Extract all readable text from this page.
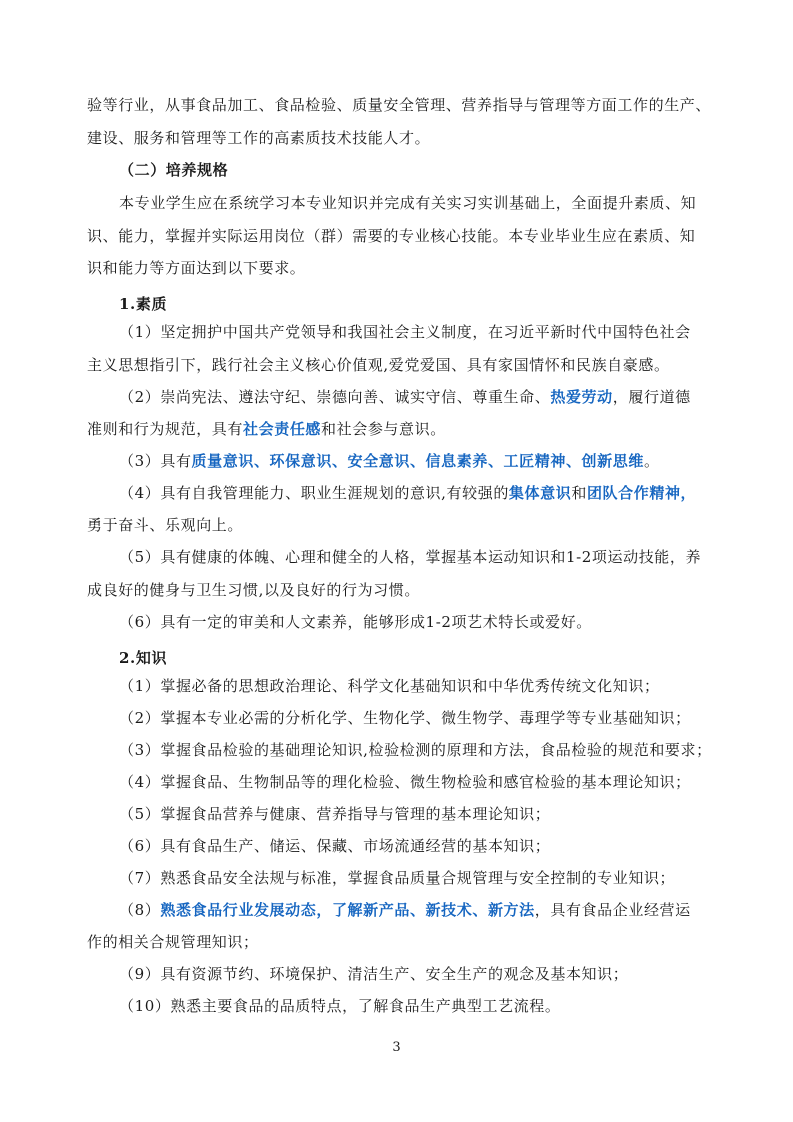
验等行业，从事食品加工、食品检验、质量安全管理、营养指导与管理等方面工作的生产、
建设、服务和管理等工作的高素质技术技能人才。
（二）培养规格
本专业学生应在系统学习本专业知识并完成有关实习实训基础上，全面提升素质、知
识、能力，掌握并实际运用岗位（群）需要的专业核心技能。本专业毕业生应在素质、知
识和能力等方面达到以下要求。
1.素质
（1）坚定拥护中国共产党领导和我国社会主义制度，在习近平新时代中国特色社会
主义思想指引下，践行社会主义核心价值观,爱党爱国、具有家国情怀和民族自豪感。
（2）崇尚宪法、遵法守纪、崇德向善、诚实守信、尊重生命、热爱劳动，履行道德
准则和行为规范，具有社会责任感和社会参与意识。
（3）具有质量意识、环保意识、安全意识、信息素养、工匠精神、创新思维。
（4）具有自我管理能力、职业生涯规划的意识,有较强的集体意识和团队合作精神，
勇于奋斗、乐观向上。
（5）具有健康的体魄、心理和健全的人格，掌握基本运动知识和1-2项运动技能，养
成良好的健身与卫生习惯,以及良好的行为习惯。
（6）具有一定的审美和人文素养，能够形成1-2项艺术特长或爱好。
2.知识
（1）掌握必备的思想政治理论、科学文化基础知识和中华优秀传统文化知识；
（2）掌握本专业必需的分析化学、生物化学、微生物学、毒理学等专业基础知识；
（3）掌握食品检验的基础理论知识,检验检测的原理和方法，食品检验的规范和要求；
（4）掌握食品、生物制品等的理化检验、微生物检验和感官检验的基本理论知识；
（5）掌握食品营养与健康、营养指导与管理的基本理论知识；
（6）具有食品生产、储运、保藏、市场流通经营的基本知识；
（7）熟悉食品安全法规与标准，掌握食品质量合规管理与安全控制的专业知识；
（8）熟悉食品行业发展动态，了解新产品、新技术、新方法，具有食品企业经营运
作的相关合规管理知识；
（9）具有资源节约、环境保护、清洁生产、安全生产的观念及基本知识；
（10）熟悉主要食品的品质特点，了解食品生产典型工艺流程。
3
